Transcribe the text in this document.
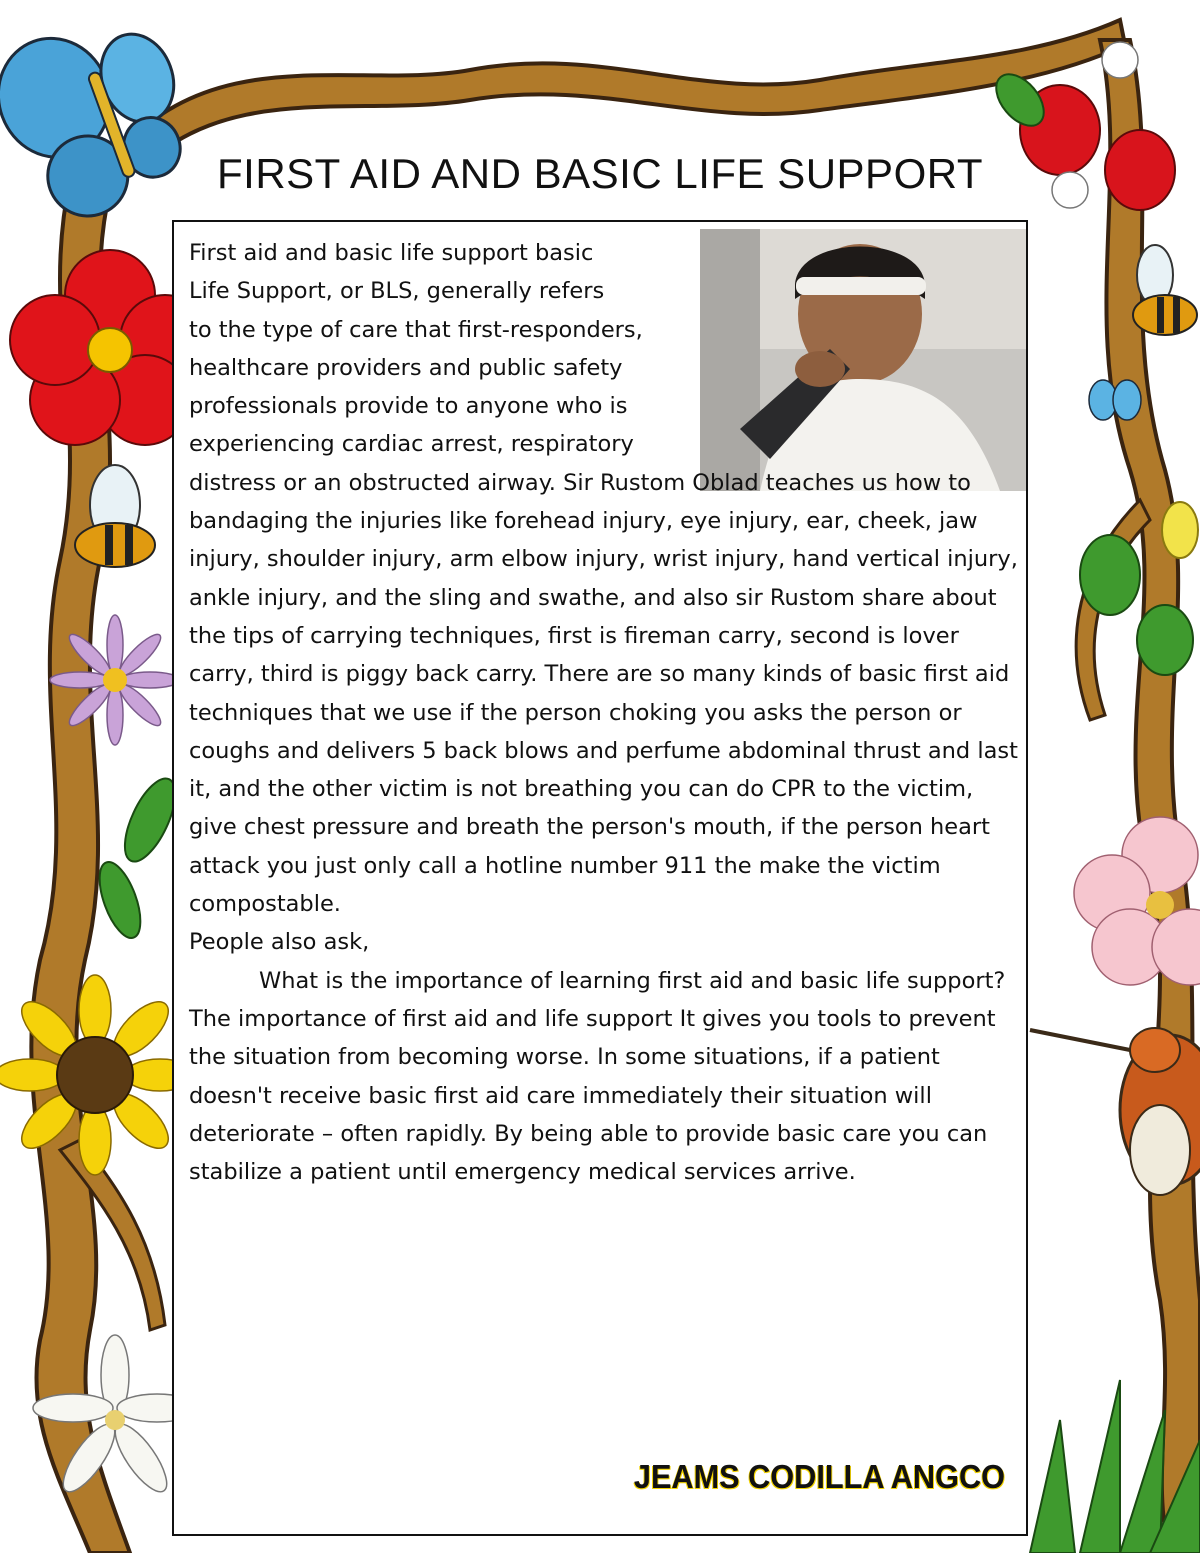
FIRST AID AND BASIC LIFE SUPPORT

First aid and basic life support basic
Life Support, or BLS, generally refers
to the type of care that first-responders,
healthcare providers and public safety
professionals provide to anyone who is
experiencing cardiac arrest, respiratory
distress or an obstructed airway. Sir Rustom Oblad teaches us how to bandaging the injuries like forehead injury, eye injury, ear, cheek, jaw injury, shoulder injury, arm elbow injury, wrist injury, hand vertical injury, ankle injury, and the sling and swathe, and also sir Rustom share about the tips of carrying techniques, first is fireman carry, second is lover carry, third is piggy back carry. There are so many kinds of basic first aid techniques that we use if the person choking you asks the person or coughs and delivers 5 back blows and perfume abdominal thrust and last it, and the other victim is not breathing you can do CPR to the victim, give chest pressure and breath the person's mouth, if the person heart attack you just only call a hotline number 911 the make the victim compostable.

People also ask,

What is the importance of learning first aid and basic life support?

The importance of first aid and life support It gives you tools to prevent the situation from becoming worse. In some situations, if a patient doesn't receive basic first aid care immediately their situation will deteriorate – often rapidly. By being able to provide basic care you can stabilize a patient until emergency medical services arrive.

JEAMS CODILLA ANGCO
